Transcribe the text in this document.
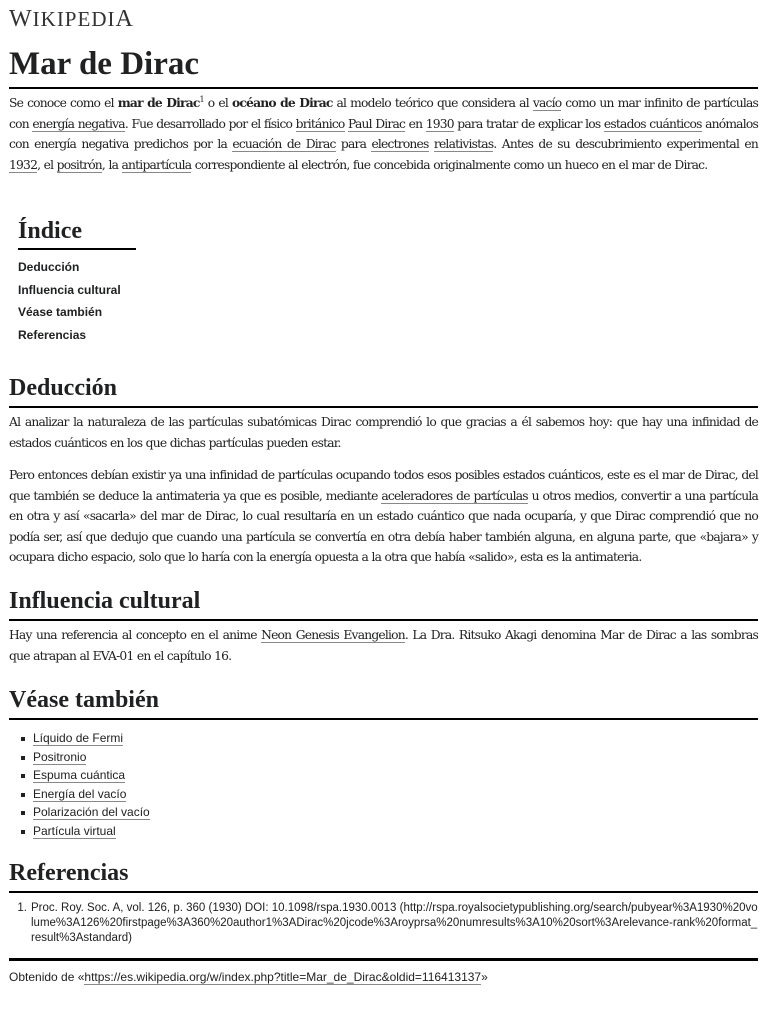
WIKIPEDIA
Mar de Dirac

Se conoce como el mar de Dirac$^1$ o el océano de Dirac al modelo teórico que considera al vacío como un mar infinito de partículas con energía negativa. Fue desarrollado por el físico británico Paul Dirac en 1930 para tratar de explicar los estados cuánticos anómalos con energía negativa predichos por la ecuación de Dirac para electrones relativistas. Antes de su descubrimiento experimental en 1932, el positrón, la antipartícula correspondiente al electrón, fue concebida originalmente como un hueco en el mar de Dirac.

Índice
Deducción
Influencia cultural
Véase también
Referencias
Deducción

Al analizar la naturaleza de las partículas subatómicas Dirac comprendió lo que gracias a él sabemos hoy: que hay una infinidad de estados cuánticos en los que dichas partículas pueden estar.

Pero entonces debían existir ya una infinidad de partículas ocupando todos esos posibles estados cuánticos, este es el mar de Dirac, del que también se deduce la antimateria ya que es posible, mediante aceleradores de partículas u otros medios, convertir a una partícula en otra y así «sacarla» del mar de Dirac, lo cual resultaría en un estado cuántico que nada ocuparía, y que Dirac comprendió que no podía ser, así que dedujo que cuando una partícula se convertía en otra debía haber también alguna, en alguna parte, que «bajara» y ocupara dicho espacio, solo que lo haría con la energía opuesta a la otra que había «salido», esta es la antimateria.

Influencia cultural

Hay una referencia al concepto en el anime Neon Genesis Evangelion. La Dra. Ritsuko Akagi denomina Mar de Dirac a las sombras que atrapan al EVA-01 en el capítulo 16.

Véase también
Líquido de Fermi
Positronio
Espuma cuántica
Energía del vacío
Polarización del vacío
Partícula virtual
Referencias
1. Proc. Roy. Soc. A, vol. 126, p. 360 (1930) DOI: 10.1098/rspa.1930.0013 (http://rspa.royalsocietypublishing.org/search/pubyear%3A1930%20volume%3A126%20firstpage%3A360%20author1%3ADirac%20jcode%3Aroyprsa%20numresults%3A10%20sort%3Arelevance-rank%20format_result%3Astandard)
Obtenido de «https://es.wikipedia.org/w/index.php?title=Mar_de_Dirac&oldid=116413137»
